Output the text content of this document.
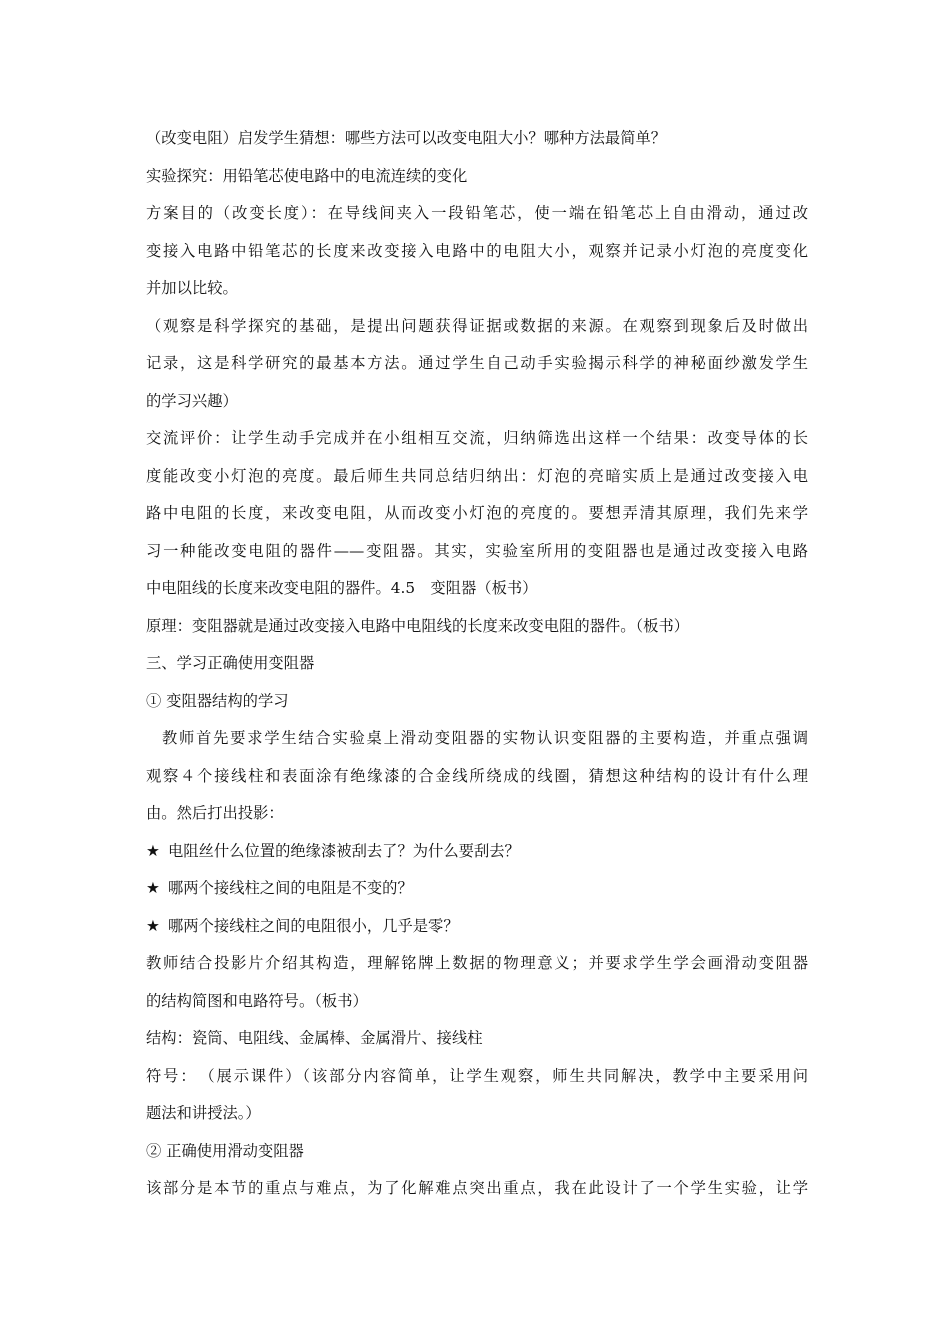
（改变电阻）启发学生猜想：哪些方法可以改变电阻大小？哪种方法最简单？
实验探究：用铅笔芯使电路中的电流连续的变化
方案目的（改变长度）：在导线间夹入一段铅笔芯，使一端在铅笔芯上自由滑动，通过改
变接入电路中铅笔芯的长度来改变接入电路中的电阻大小，观察并记录小灯泡的亮度变化
并加以比较。
（观察是科学探究的基础，是提出问题获得证据或数据的来源。在观察到现象后及时做出
记录，这是科学研究的最基本方法。通过学生自己动手实验揭示科学的神秘面纱激发学生
的学习兴趣）
交流评价：让学生动手完成并在小组相互交流，归纳筛选出这样一个结果：改变导体的长
度能改变小灯泡的亮度。最后师生共同总结归纳出：灯泡的亮暗实质上是通过改变接入电
路中电阻的长度，来改变电阻，从而改变小灯泡的亮度的。要想弄清其原理，我们先来学
习一种能改变电阻的器件——变阻器。其实，实验室所用的变阻器也是通过改变接入电路
中电阻线的长度来改变电阻的器件。4.5　变阻器（板书）
原理：变阻器就是通过改变接入电路中电阻线的长度来改变电阻的器件。（板书）
三、学习正确使用变阻器
① 变阻器结构的学习
教师首先要求学生结合实验桌上滑动变阻器的实物认识变阻器的主要构造，并重点强调
观察４个接线柱和表面涂有绝缘漆的合金线所绕成的线圈，猜想这种结构的设计有什么理
由。然后打出投影：
★ 电阻丝什么位置的绝缘漆被刮去了？为什么要刮去？
★ 哪两个接线柱之间的电阻是不变的？
★ 哪两个接线柱之间的电阻很小，几乎是零？
教师结合投影片介绍其构造，理解铭牌上数据的物理意义；并要求学生学会画滑动变阻器
的结构简图和电路符号。（板书）
结构：瓷筒、电阻线、金属棒、金属滑片、接线柱
符号：　（展示课件）（该部分内容简单，让学生观察，师生共同解决，教学中主要采用问
题法和讲授法。）
② 正确使用滑动变阻器
该部分是本节的重点与难点，为了化解难点突出重点，我在此设计了一个学生实验，让学
